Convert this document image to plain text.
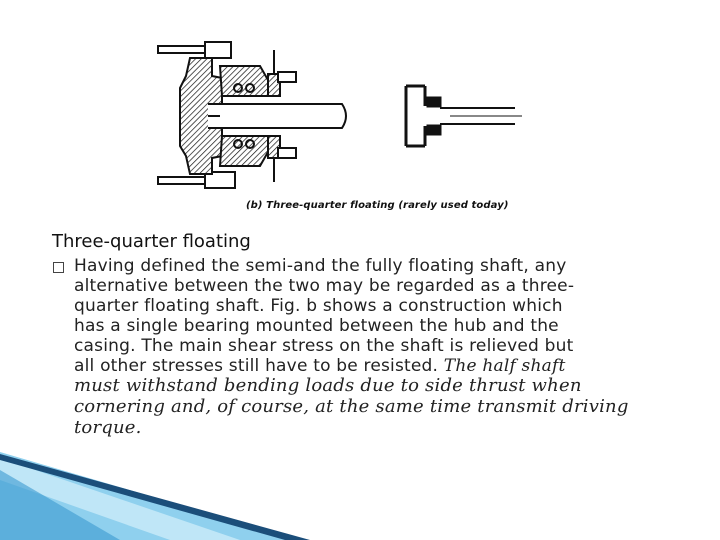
(b) Three-quarter floating (rarely used today)
Three-quarter floating
Having defined the semi-and the fully floating shaft, any
alternative between the two may be regarded as a three-
quarter floating shaft. Fig. b shows a construction which
has a single bearing mounted between the hub and the
casing. The main shear stress on the shaft is relieved but
all other stresses still have to be resisted. The half shaft
must withstand bending loads due to side thrust when
cornering and, of course, at the same time transmit driving
torque.
